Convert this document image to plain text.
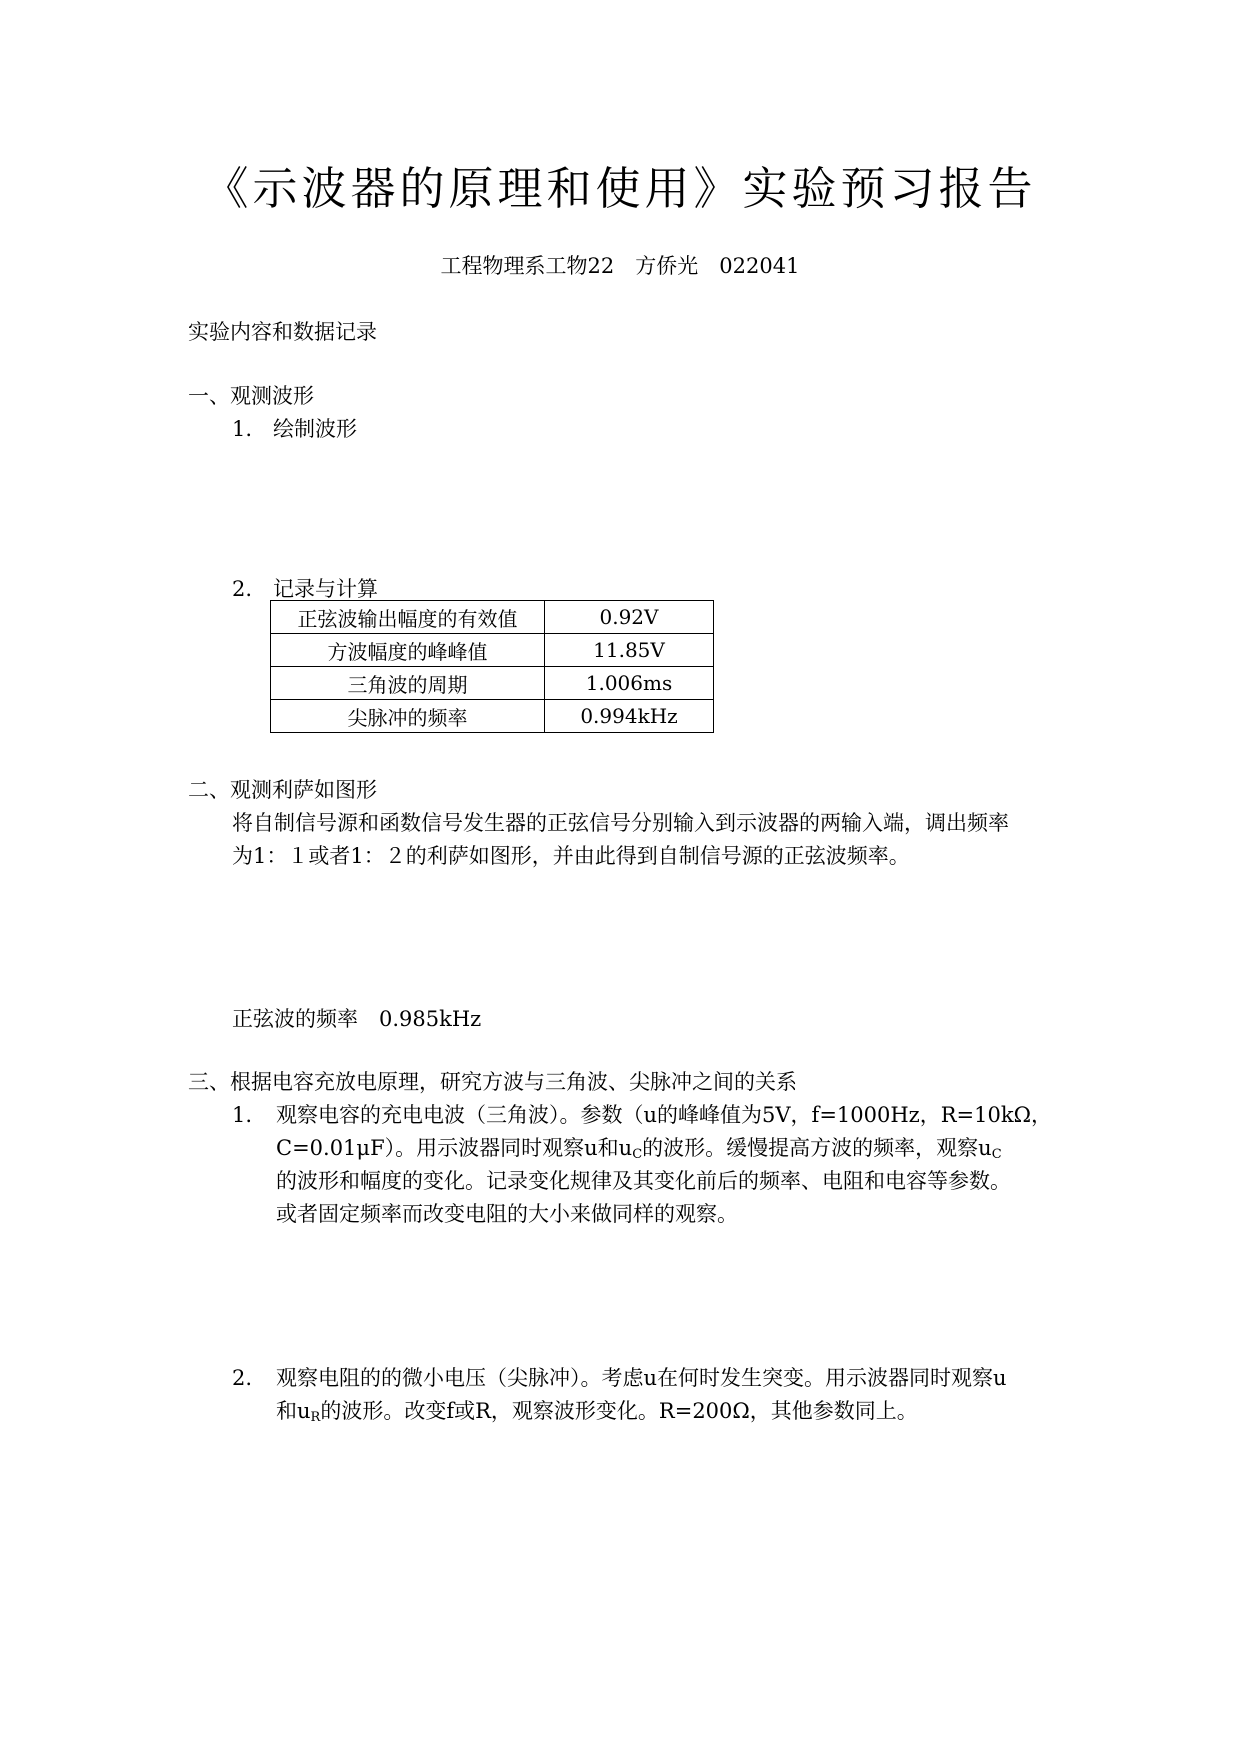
《示波器的原理和使用》实验预习报告
工程物理系工物22　方侨光　022041
实验内容和数据记录
一、观测波形
1.　绘制波形
2.　记录与计算
正弦波输出幅度的有效值	0.92V
方波幅度的峰峰值	11.85V
三角波的周期	1.006ms
尖脉冲的频率	0.994kHz
二、观测利萨如图形
将自制信号源和函数信号发生器的正弦信号分别输入到示波器的两输入端，调出频率
为1：１或者1：２的利萨如图形，并由此得到自制信号源的正弦波频率。
正弦波的频率　0.985kHz
三、根据电容充放电原理，研究方波与三角波、尖脉冲之间的关系
1. 观察电容的充电电波（三角波）。参数（u的峰峰值为5V，f=1000Hz，R=10kΩ，
C=0.01μF）。用示波器同时观察u和$u_C$的波形。缓慢提高方波的频率，观察$u_C$
的波形和幅度的变化。记录变化规律及其变化前后的频率、电阻和电容等参数。
或者固定频率而改变电阻的大小来做同样的观察。
2. 观察电阻的的微小电压（尖脉冲）。考虑u在何时发生突变。用示波器同时观察u
和$u_R$的波形。改变f或R，观察波形变化。R=200Ω，其他参数同上。
